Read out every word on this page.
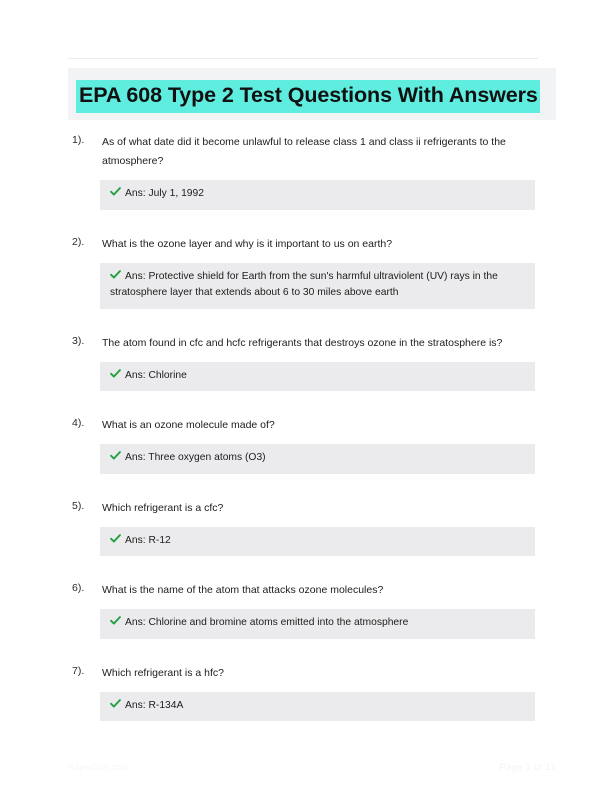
EPA 608 Type 2 Test Questions With Answers
1).	As of what date did it become unlawful to release class 1 and class ii refrigerants to the atmosphere?
Ans: July 1, 1992
2).	What is the ozone layer and why is it important to us on earth?
Ans: Protective shield for Earth from the sun's harmful ultraviolent (UV) rays in the stratosphere layer that extends about 6 to 30 miles above earth
3).	The atom found in cfc and hcfc refrigerants that destroys ozone in the stratosphere is?
Ans: Chlorine
4).	What is an ozone molecule made of?
Ans: Three oxygen atoms (O3)
5).	Which refrigerant is a cfc?
Ans: R-12
6).	What is the name of the atom that attacks ozone molecules?
Ans: Chlorine and bromine atoms emitted into the atmosphere
7).	Which refrigerant is a hfc?
Ans: R-134A
PaperStic.com	Page 1 of 11
